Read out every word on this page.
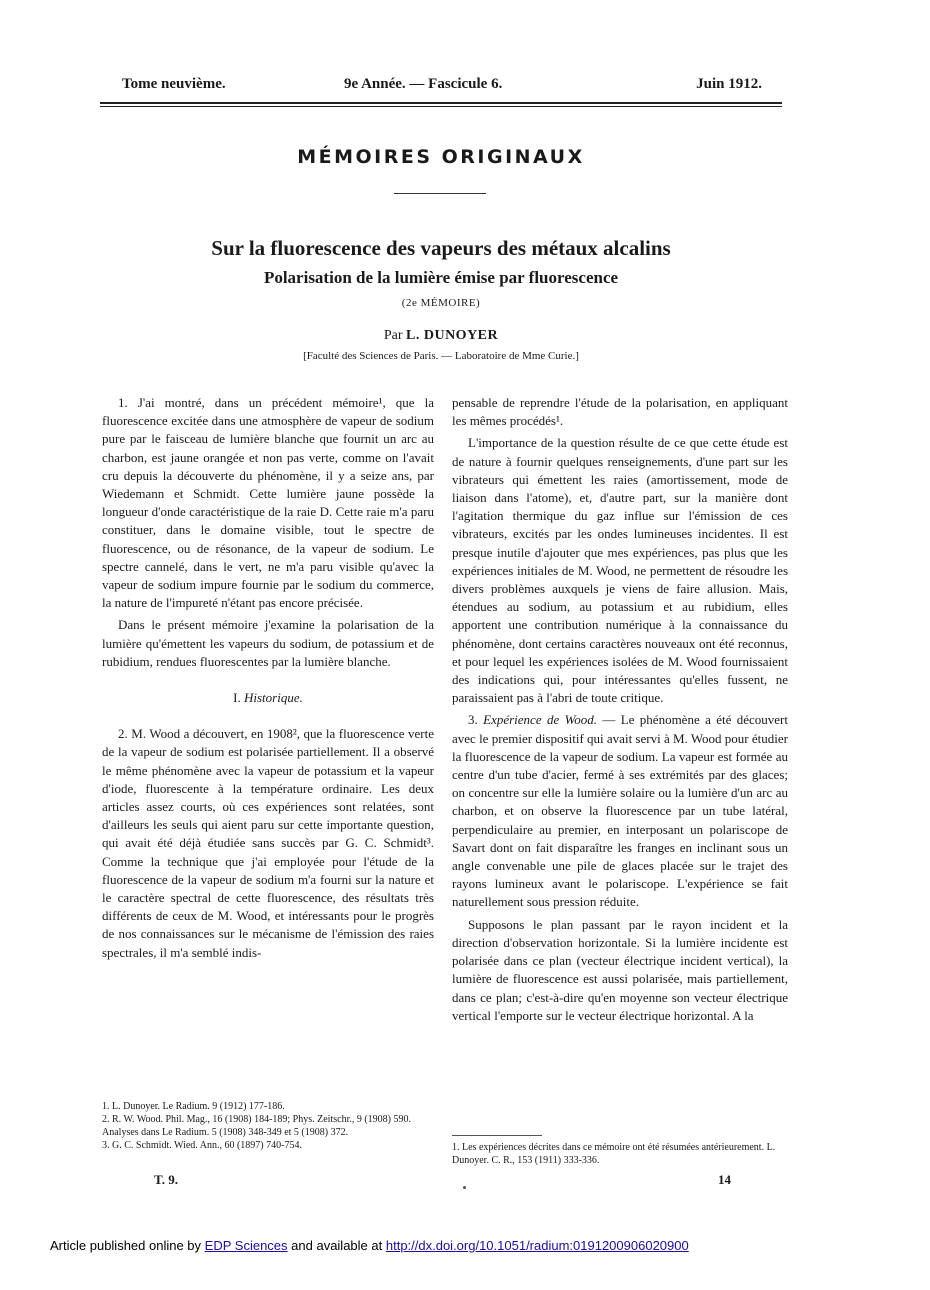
Tome neuvième.	9e Année. — Fascicule 6.	Juin 1912.
MÉMOIRES ORIGINAUX
Sur la fluorescence des vapeurs des métaux alcalins
Polarisation de la lumière émise par fluorescence
(2e MÉMOIRE)
Par L. DUNOYER
[Faculté des Sciences de Paris. — Laboratoire de Mme Curie.]

1. J'ai montré, dans un précédent mémoire¹, que la fluorescence excitée dans une atmosphère de vapeur de sodium pure par le faisceau de lumière blanche que fournit un arc au charbon, est jaune orangée et non pas verte, comme on l'avait cru depuis la découverte du phénomène, il y a seize ans, par Wiedemann et Schmidt. Cette lumière jaune possède la longueur d'onde caractéristique de la raie D. Cette raie m'a paru constituer, dans le domaine visible, tout le spectre de fluorescence, ou de résonance, de la vapeur de sodium. Le spectre cannelé, dans le vert, ne m'a paru visible qu'avec la vapeur de sodium impure fournie par le sodium du commerce, la nature de l'impureté n'étant pas encore précisée.

Dans le présent mémoire j'examine la polarisation de la lumière qu'émettent les vapeurs du sodium, de potassium et de rubidium, rendues fluorescentes par la lumière blanche.

I. Historique.

2. M. Wood a découvert, en 1908², que la fluorescence verte de la vapeur de sodium est polarisée partiellement. Il a observé le même phénomène avec la vapeur de potassium et la vapeur d'iode, fluorescente à la température ordinaire. Les deux articles assez courts, où ces expériences sont relatées, sont d'ailleurs les seuls qui aient paru sur cette importante question, qui avait été déjà étudiée sans succès par G. C. Schmidt³. Comme la technique que j'ai employée pour l'étude de la fluorescence de la vapeur de sodium m'a fourni sur la nature et le caractère spectral de cette fluorescence, des résultats très différents de ceux de M. Wood, et intéressants pour le progrès de nos connaissances sur le mécanisme de l'émission des raies spectrales, il m'a semblé indis-

pensable de reprendre l'étude de la polarisation, en appliquant les mêmes procédés¹.

L'importance de la question résulte de ce que cette étude est de nature à fournir quelques renseignements, d'une part sur les vibrateurs qui émettent les raies (amortissement, mode de liaison dans l'atome), et, d'autre part, sur la manière dont l'agitation thermique du gaz influe sur l'émission de ces vibrateurs, excités par les ondes lumineuses incidentes. Il est presque inutile d'ajouter que mes expériences, pas plus que les expériences initiales de M. Wood, ne permettent de résoudre les divers problèmes auxquels je viens de faire allusion. Mais, étendues au sodium, au potassium et au rubidium, elles apportent une contribution numérique à la connaissance du phénomène, dont certains caractères nouveaux ont été reconnus, et pour lequel les expériences isolées de M. Wood fournissaient des indications qui, pour intéressantes qu'elles fussent, ne paraissaient pas à l'abri de toute critique.

3. Expérience de Wood. — Le phénomène a été découvert avec le premier dispositif qui avait servi à M. Wood pour étudier la fluorescence de la vapeur de sodium. La vapeur est formée au centre d'un tube d'acier, fermé à ses extrémités par des glaces; on concentre sur elle la lumière solaire ou la lumière d'un arc au charbon, et on observe la fluorescence par un tube latéral, perpendiculaire au premier, en interposant un polariscope de Savart dont on fait disparaître les franges en inclinant sous un angle convenable une pile de glaces placée sur le trajet des rayons lumineux avant le polariscope. L'expérience se fait naturellement sous pression réduite.

Supposons le plan passant par le rayon incident et la direction d'observation horizontale. Si la lumière incidente est polarisée dans ce plan (vecteur électrique incident vertical), la lumière de fluorescence est aussi polarisée, mais partiellement, dans ce plan; c'est-à-dire qu'en moyenne son vecteur électrique vertical l'emporte sur le vecteur électrique horizontal. A la

1. L. Dunoyer. Le Radium. 9 (1912) 177-186.

2. R. W. Wood. Phil. Mag., 16 (1908) 184-189; Phys. Zeitschr., 9 (1908) 590. Analyses dans Le Radium. 5 (1908) 348-349 et 5 (1908) 372.

3. G. C. Schmidt. Wied. Ann., 60 (1897) 740-754.	1. Les expériences décrites dans ce mémoire ont été résumées antérieurement. L. Dunoyer. C. R., 153 (1911) 333-336.

T. 9.	14
Article published online by EDP Sciences and available at http://dx.doi.org/10.1051/radium:0191200906020900
